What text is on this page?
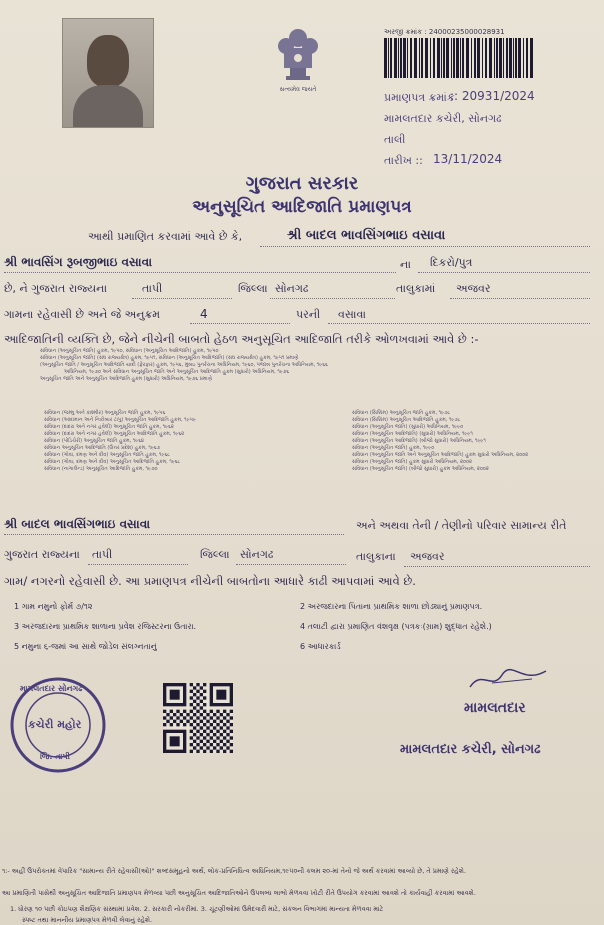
સત્યમેવ જયતે
અરજી ક્રમાંક : 24000235000028931
પ્રમાણપત્ર ક્રમાંક
:: 20931/2024
મામલતદાર કચેરી, સોનગઢ
તાલી
તારીખ :: 13/11/2024
ગુજરાત સરકાર
અનુસૂચિત આદિજાતિ પ્રમાણપત્ર
આથી પ્રમાણિત કરવામાં આવે છે કે,	શ્રી બાદલ ભાવસિંગભાઇ વસાવા
શ્રી ભાવસિંગ રૂબજીભાઇ વસાવા	ના દિકરો/પુત્ર
છે, ને ગુજરાત રાજ્યના	તાપી	જિલ્લા સોનગઢ	તાલુકામાં અજવર
ગામના રહેવાસી છે અને જે અનુક્રમ	4	પરની વસાવા
આદિજાતિની વ્યક્તિ છે, જેને નીચેની બાબતો હેઠળ અનુસૂચિત આદિજાતિ તરીકે ઓળખવામાં આવે છે :-
સંવિધાન (અનુસૂચિત જાતિ) હુકમ, ૧૯૫૦, સંવિધાન (અનુસૂચિત આદિજાતિ) હુકમ, ૧૯૫૦
સંવિધાન (અનુસૂચિત જાતિ) (સંઘ રાજ્યક્ષેત્ર) હુકમ, ૧૯૫૧, સંવિધાન (અનુસૂચિત આદિજાતિ) (સંઘ રાજ્યક્ષેત્ર) હુકમ, ૧૯૫૧ પ્રમાણે
(અનુસૂચિત જાતિ / અનુસૂચિત આદિજાતિ યાદી (ફેરફાર) હુકમ, ૧૯૫૬, મુંબઇ પુનર્રચના અધિનિયમ, ૧૯૬૦, પંજાબ પુનર્રચના અધિનિયમ, ૧૯૬૬
અધિનિયમ, ૧૯૭૦ અને સંવિધાન અનુસૂચિત જાતિ અને અનુસૂચિત આદિજાતિ હુકમ (સુધારો) અધિનિયમ, ૧૯૭૬
અનુસૂચિત જાતિ અને અનુસૂચિત આદિજાતિ હુકમ (સુધારો) અધિનિયમ, ૧૯૭૬ પ્રમાણે
સંવિધાન (જમ્મુ અને કાશ્મીર) અનુસૂચિત જાતિ હુકમ, ૧૯૫૬
સંવિધાન (આંદામાન અને નિકોબાર ટાપુ) અનુસૂચિત આદિજાતિ હુકમ, ૧૯૫૯
સંવિધાન (દાદરા અને નગર હવેલી) અનુસૂચિત જાતિ હુકમ, ૧૯૬૨
સંવિધાન (દાદરા અને નગર હવેલી) અનુસૂચિત આદિજાતિ હુકમ, ૧૯૬૨
સંવિધાન (પોંડિચેરી) અનુસૂચિત જાતિ હુકમ, ૧૯૬૪
સંવિધાન અનુસૂચિત આદિજાતિ (ઉત્તર પ્રદેશ) હુકમ, ૧૯૬૭
સંવિધાન (ગોવા, દમણ અને દીવ) અનુસૂચિત જાતિ હુકમ, ૧૯૬૮
સંવિધાન (ગોવા, દમણ અને દીવ) અનુસૂચિત આદિજાતિ હુકમ, ૧૯૬૮
સંવિધાન (નાગાલેન્ડ) અનુસૂચિત આદિજાતિ હુકમ, ૧૯૭૦
સંવિધાન (સિક્કિમ) અનુસૂચિત જાતિ હુકમ, ૧૯૭૮
સંવિધાન (સિક્કિમ) અનુસૂચિત આદિજાતિ હુકમ, ૧૯૭૮
સંવિધાન (અનુસૂચિત જાતિ) (સુધારો) અધિનિયમ, ૧૯૯૦
સંવિધાન (અનુસૂચિત આદિજાતિ) (સુધારો) અધિનિયમ, ૧૯૯૧
સંવિધાન (અનુસૂચિત આદિજાતિ) (બીજો સુધારો) અધિનિયમ, ૧૯૯૧
સંવિધાન (અનુસૂચિત જાતિ) હુકમ, ૧૯૯૦
સંવિધાન (અનુસૂચિત જાતિ અને અનુસૂચિત આદિજાતિ) હુકમ સુધારો અધિનિયમ, ૨૦૦૨
સંવિધાન (અનુસૂચિત જાતિ) હુકમ સુધારો અધિનિયમ, ૨૦૦૨
સંવિધાન (અનુસૂચિત જાતિ) (બીજો સુધારો) હુકમ અધિનિયમ, ૨૦૦૨
શ્રી બાદલ ભાવસિંગભાઇ વસાવા	અને અથવા તેની / તેણીનો પરિવાર સામાન્ય રીતે
ગુજરાત રાજ્યના તાપી	જિલ્લા સોનગઢ	તાલુકાના અજવર
ગામ/ નગરનો રહેવાસી છે. આ પ્રમાણપત્ર નીચેની બાબતોના આધારે કાઢી આપવામાં આવે છે.
1 ગામ નમુનો ફોર્મ ૭/૧૨	2 અરજદારના પિતાના પ્રાથમિક શાળા છોડ્યાનું પ્રમાણપત્ર.
3 અરજદારના પ્રાથમિક શાળાના પ્રવેશ રજિસ્ટરના ઉતારા.	4 તલાટી દ્વારા પ્રમાણિત વંશવૃક્ષ (પત્રકઃ(ગ્રામ) શુદ્ધાત રહેશે.)
5 નમુના ૬-જમાં આ સાથે જોડેલ સંલગ્નતાનું	6 આધારકાર્ડ
મામલતદાર સોનગઢ
કચેરી મહોર
જિ. તાપી
મામલતદાર
મામલતદાર કચેરી, સોનગઢ
૧:- અહીં ઉપરોક્તમાં વેપારિક "સામાન્ય રીતે રહેવાસી(ઓ)" શબ્દસમૂહનો અર્થ, લોક-પ્રતિનિધિત્વ અધિનિયમ,૧૯૫૦ની કલમ ૨૦-માં તેનો જે અર્થ કરવામાં આવ્યો છે, તે પ્રમાણે રહેશે.
આ પ્રમાણિતી પાસેથી અનુસૂચિત આદિજાતિ પ્રમાણપત્ર મેળવ્યા પછી અનુસૂચિત આદિજાતિઓને ઉપલબ્ધ લાભો મેળવવા ખોટી રીતે ઉપયોગ કરવામાં આવશે તો કાર્યવાહી કરવામાં આવશે.
1. ધોરણ ૧૦ પછી કોઇપણ શૈક્ષણિક સંસ્થામાં પ્રવેશ. 2. સરકારી નોકરીમાં. 3. ચૂંટણીઓમાં ઉમેદવારી માટે, સંકલન વિભાગમાં માન્યતા મેળવવા માટે
સ્પષ્ટ તથા માનનીય પ્રમાણપત્ર મેળવી લેવાનું રહેશે.
